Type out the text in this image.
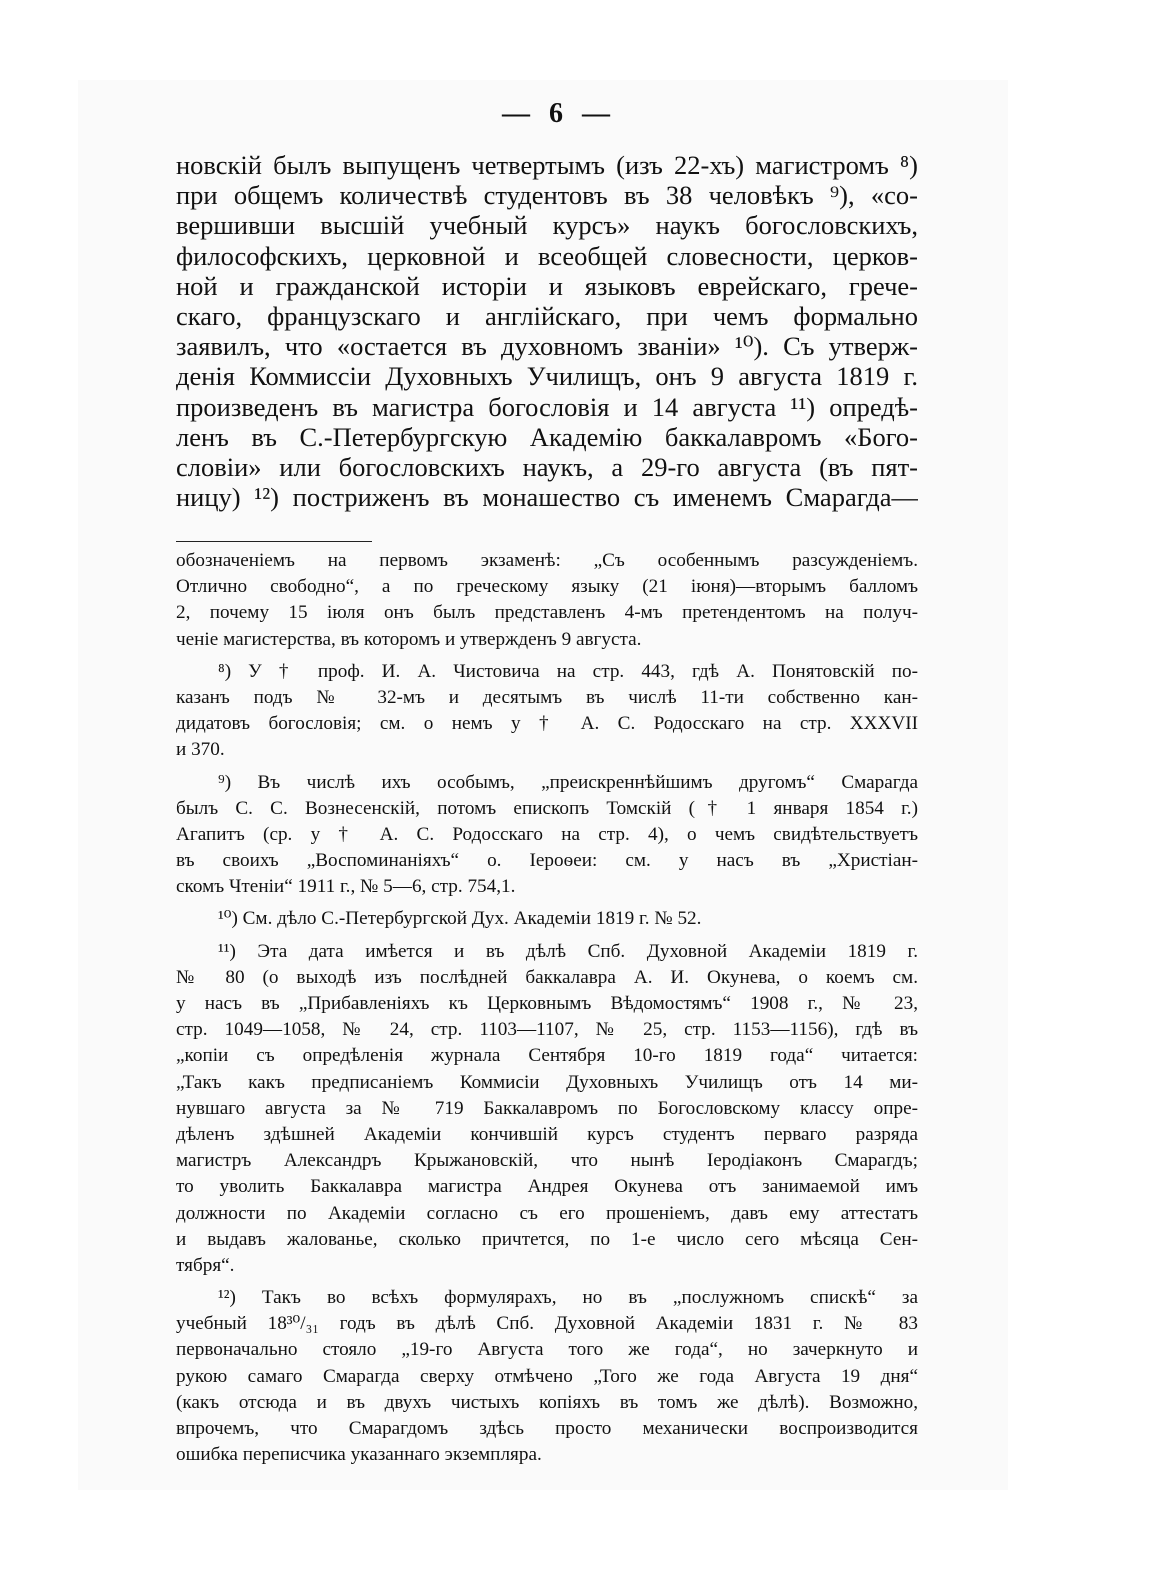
— 6 —
новскій былъ выпущенъ четвертымъ (изъ 22-хъ) магистромъ ⁸)
при общемъ количествѣ студентовъ въ 38 человѣкъ ⁹), «со-
вершивши высшій учебный курсъ» наукъ богословскихъ,
философскихъ, церковной и всеобщей словесности, церков-
ной и гражданской исторіи и языковъ еврейскаго, грече-
скаго, французскаго и англійскаго, при чемъ формально
заявилъ, что «остается въ духовномъ званіи» ¹⁰). Съ утверж-
денія Коммиссіи Духовныхъ Училищъ, онъ 9 августа 1819 г.
произведенъ въ магистра богословія и 14 августа ¹¹) опредѣ-
ленъ въ С.-Петербургскую Академію баккалавромъ «Бого-
словіи» или богословскихъ наукъ, а 29-го августа (въ пят-
ницу) ¹²) постриженъ въ монашество съ именемъ Смарагда—
обозначеніемъ на первомъ экзаменѣ: „Съ особеннымъ разсужденіемъ.
Отлично свободно“, а по греческому языку (21 іюня)—вторымъ балломъ
2, почему 15 іюля онъ былъ представленъ 4-мъ претендентомъ на получ-
ченіе магистерства, въ которомъ и утвержденъ 9 августа.
⁸) У † проф. И. А. Чистовича на стр. 443, гдѣ А. Понятовскій по-
казанъ подъ № 32-мъ и десятымъ въ числѣ 11-ти собственно кан-
дидатовъ богословія; см. о немъ у † А. С. Родосскаго на стр. XXXVII
и 370.
⁹) Въ числѣ ихъ особымъ, „преискреннѣйшимъ другомъ“ Смарагда
былъ С. С. Вознесенскій, потомъ епископъ Томскій († 1 января 1854 г.)
Агапитъ (ср. у † А. С. Родосскаго на стр. 4), о чемъ свидѣтельствуетъ
въ своихъ „Воспоминаніяхъ“ о. Іероѳеи: см. у насъ въ „Христіан-
скомъ Чтеніи“ 1911 г., № 5—6, стр. 754,1.
¹⁰) См. дѣло С.-Петербургской Дух. Академіи 1819 г. № 52.
¹¹) Эта дата имѣется и въ дѣлѣ Спб. Духовной Академіи 1819 г.
№ 80 (о выходѣ изъ послѣдней баккалавра А. И. Окунева, о коемъ см.
у насъ въ „Прибавленіяхъ къ Церковнымъ Вѣдомостямъ“ 1908 г., № 23,
стр. 1049—1058, № 24, стр. 1103—1107, № 25, стр. 1153—1156), гдѣ въ
„копіи съ опредѣленія журнала Сентября 10-го 1819 года“ читается:
„Такъ какъ предписаніемъ Коммисіи Духовныхъ Училищъ отъ 14 ми-
нувшаго августа за № 719 Баккалавромъ по Богословскому классу опре-
дѣленъ здѣшней Академіи кончившій курсъ студентъ перваго разряда
магистръ Александръ Крыжановскій, что нынѣ Іеродіаконъ Смарагдъ;
то уволить Баккалавра магистра Андрея Окунева отъ занимаемой имъ
должности по Академіи согласно съ его прошеніемъ, давъ ему аттестатъ
и выдавъ жалованье, сколько причтется, по 1-е число сего мѣсяца Сен-
тября“.
¹²) Такъ во всѣхъ формулярахъ, но въ „послужномъ спискѣ“ за
учебный 18³⁰/₃₁ годъ въ дѣлѣ Спб. Духовной Академіи 1831 г. № 83
первоначально стояло „19-го Августа того же года“, но зачеркнуто и
рукою самаго Смарагда сверху отмѣчено „Того же года Августа 19 дня“
(какъ отсюда и въ двухъ чистыхъ копіяхъ въ томъ же дѣлѣ). Возможно,
впрочемъ, что Смарагдомъ здѣсь просто механически воспроизводится
ошибка переписчика указаннаго экземпляра.
